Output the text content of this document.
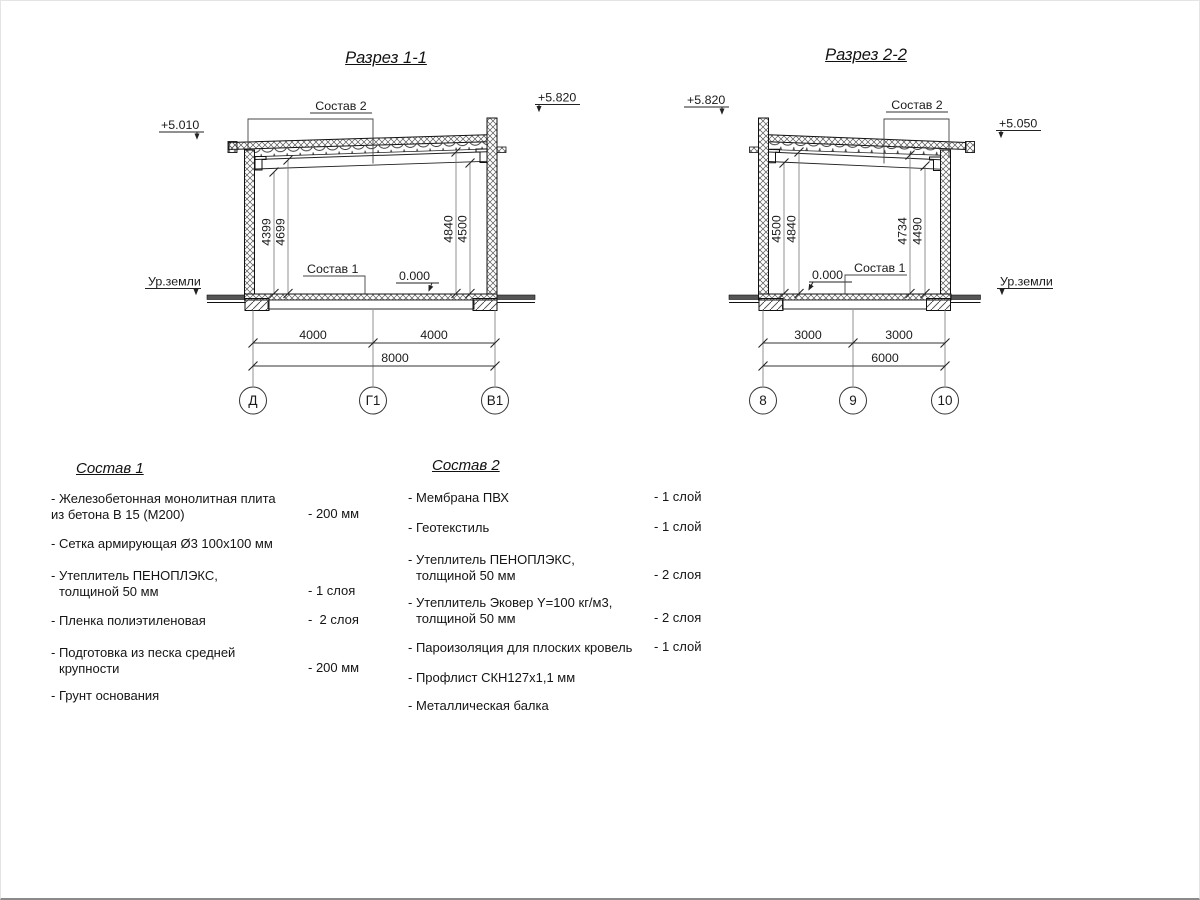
Разрез 1-1	Разрез 2-2
+5.010
+5.820
0.000
Ур.земли
Состав 2
Состав 1
4399 4699	4840 4500
4000	4000
8000
Д	Г1	В1
+5.820
+5.050
0.000	Ур.земли
Состав 2
Состав 1
4500 4840	4734 4490
3000	3000
6000
8	9	10
Состав 1
- Железобетонная монолитная плита
из бетона В 15 (М200)	- 200 мм
- Сетка армирующая Ø3 100x100 мм
- Утеплитель ПЕНОПЛЭКС,
толщиной 50 мм	- 1 слоя
- Пленка полиэтиленовая	-  2 слоя
- Подготовка из песка средней
крупности	- 200 мм
- Грунт основания
Состав 2
- Мембрана ПВХ	- 1 слой
- Геотекстиль	- 1 слой
- Утеплитель ПЕНОПЛЭКС,
толщиной 50 мм	- 2 слоя
- Утеплитель Эковер Y=100 кг/м3,
толщиной 50 мм	- 2 слоя
- Пароизоляция для плоских кровель - 1 слой
- Профлист СКН127х1,1 мм
- Металлическая балка
